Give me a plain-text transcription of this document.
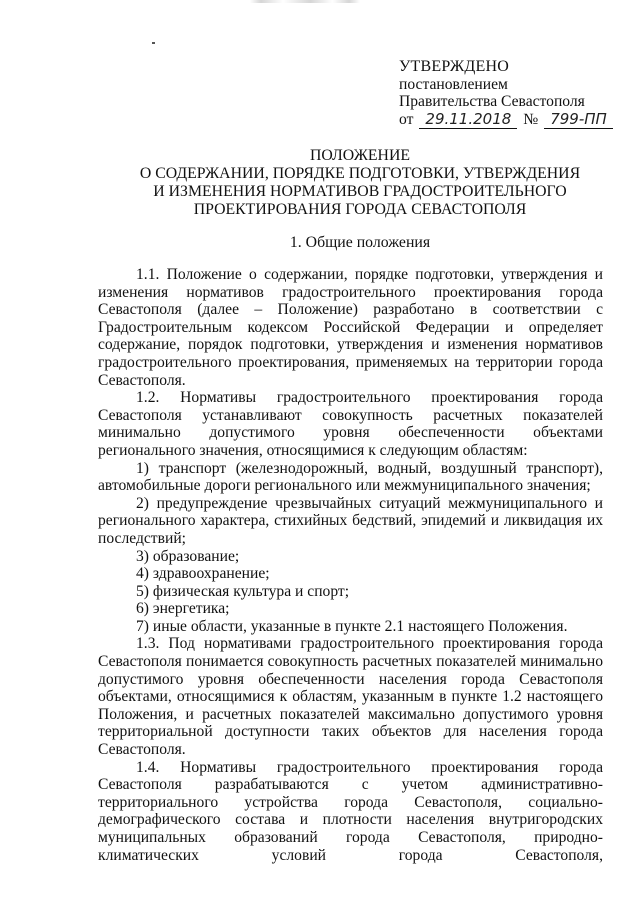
УТВЕРЖДЕНО
постановлением
Правительства Севастополя
от 29.11.2018 № 799-ПП
ПОЛОЖЕНИЕ
О СОДЕРЖАНИИ, ПОРЯДКЕ ПОДГОТОВКИ, УТВЕРЖДЕНИЯ
И ИЗМЕНЕНИЯ НОРМАТИВОВ ГРАДОСТРОИТЕЛЬНОГО
ПРОЕКТИРОВАНИЯ ГОРОДА СЕВАСТОПОЛЯ
1. Общие положения

1.1. Положение о содержании, порядке подготовки, утверждения и изменения нормативов градостроительного проектирования города Севастополя (далее – Положение) разработано в соответствии с Градостроительным кодексом Российской Федерации и определяет содержание, порядок подготовки, утверждения и изменения нормативов градостроительного проектирования, применяемых на территории города Севастополя.

1.2. Нормативы градостроительного проектирования города Севастополя устанавливают совокупность расчетных показателей минимально допустимого уровня обеспеченности объектами регионального значения, относящимися к следующим областям:

1) транспорт (железнодорожный, водный, воздушный транспорт), автомобильные дороги регионального или межмуниципального значения;

2) предупреждение чрезвычайных ситуаций межмуниципального и регионального характера, стихийных бедствий, эпидемий и ликвидация их последствий;

3) образование;

4) здравоохранение;

5) физическая культура и спорт;

6) энергетика;

7) иные области, указанные в пункте 2.1 настоящего Положения.

1.3. Под нормативами градостроительного проектирования города Севастополя понимается совокупность расчетных показателей минимально допустимого уровня обеспеченности населения города Севастополя объектами, относящимися к областям, указанным в пункте 1.2 настоящего Положения, и расчетных показателей максимально допустимого уровня территориальной доступности таких объектов для населения города Севастополя.

1.4. Нормативы градостроительного проектирования города Севастополя разрабатываются с учетом административно-территориального устройства города Севастополя, социально-демографического состава и плотности населения внутригородских муниципальных образований города Севастополя, природно-климатических условий города Севастополя,
